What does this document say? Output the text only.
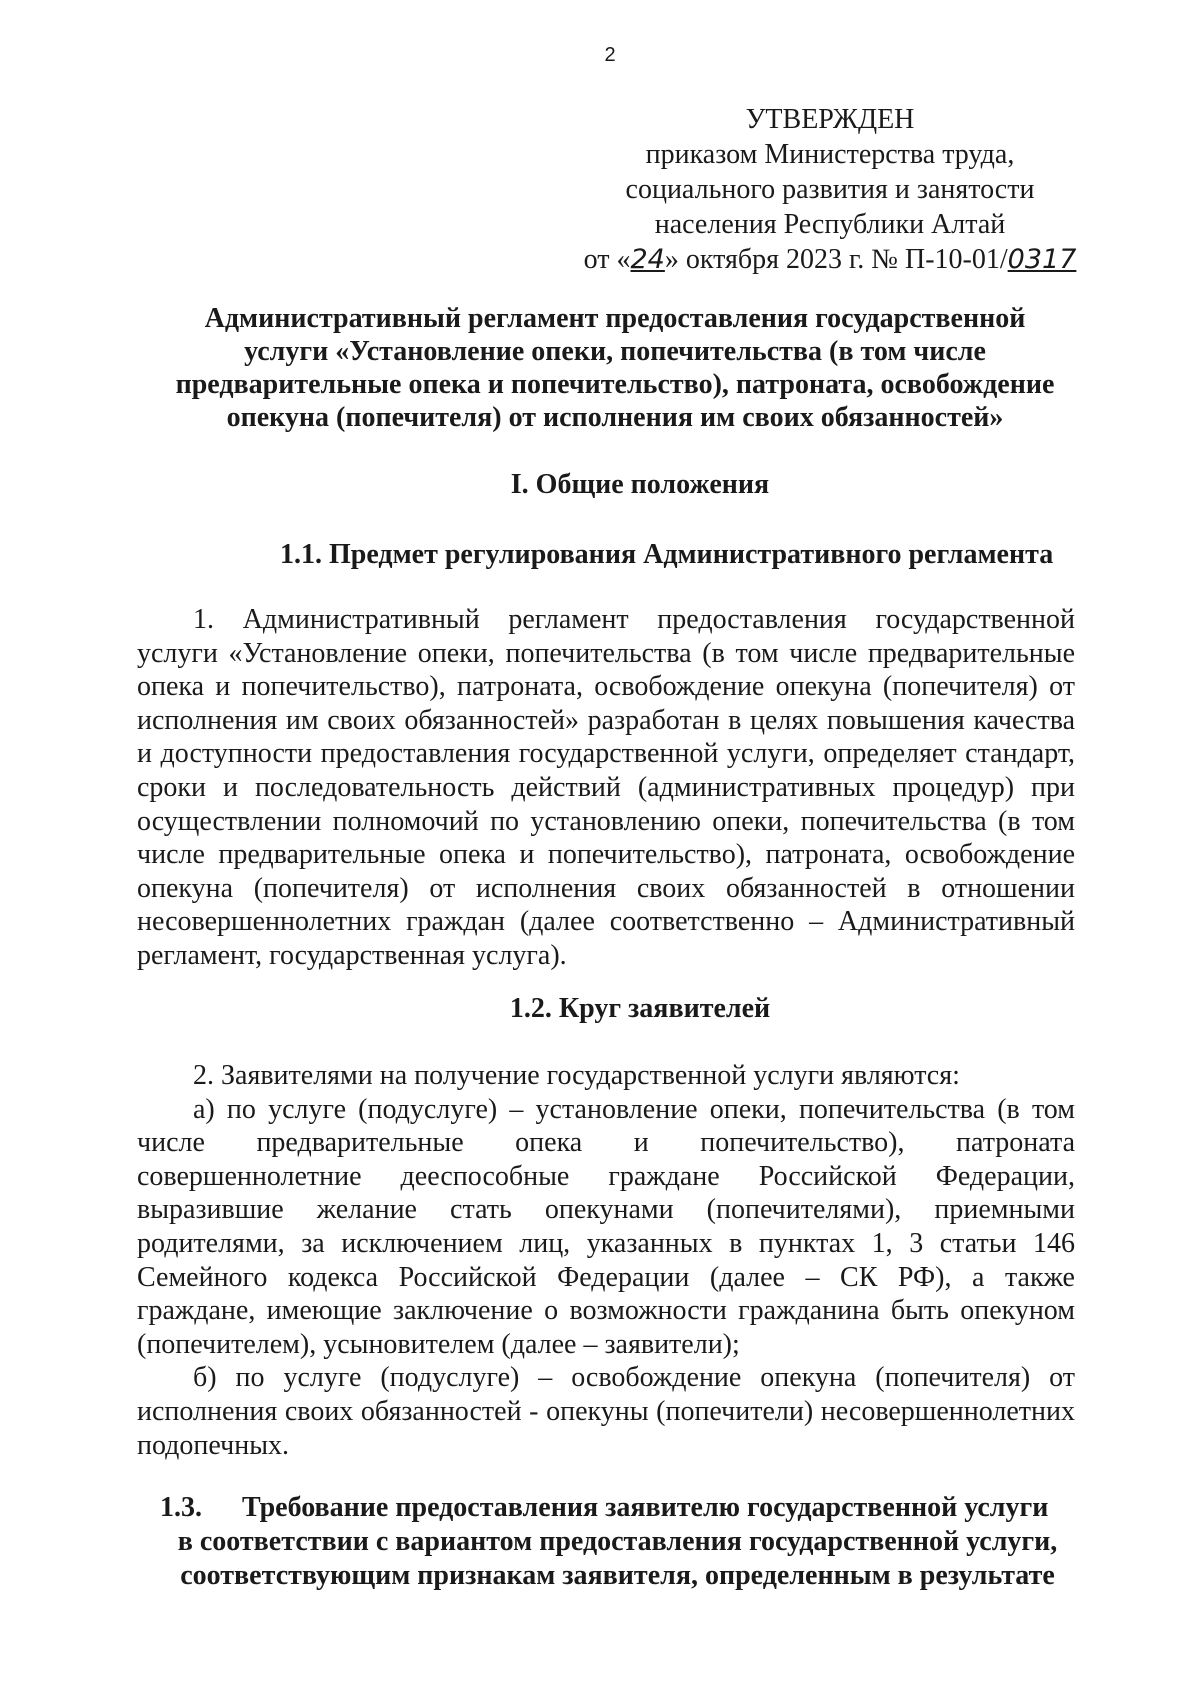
2
УТВЕРЖДЕН
приказом Министерства труда,
социального развития и занятости
населения Республики Алтай
от «24» октября 2023 г. № П-10-01/0317
Административный регламент предоставления государственной
услуги «Установление опеки, попечительства (в том числе
предварительные опека и попечительство), патроната, освобождение
опекуна (попечителя) от исполнения им своих обязанностей»
I. Общие положения
1.1. Предмет регулирования Административного регламента
1. Административный регламент предоставления государственной
услуги «Установление опеки, попечительства (в том числе предварительные
опека и попечительство), патроната, освобождение опекуна (попечителя) от
исполнения им своих обязанностей» разработан в целях повышения качества
и доступности предоставления государственной услуги, определяет стандарт,
сроки и последовательность действий (административных процедур) при
осуществлении полномочий по установлению опеки, попечительства (в том
числе предварительные опека и попечительство), патроната, освобождение
опекуна (попечителя) от исполнения своих обязанностей в отношении
несовершеннолетних граждан (далее соответственно – Административный
регламент, государственная услуга).
1.2. Круг заявителей
2. Заявителями на получение государственной услуги являются:
а) по услуге (подуслуге) – установление опеки, попечительства (в том
числе предварительные опека и попечительство), патроната
совершеннолетние дееспособные граждане Российской Федерации,
выразившие желание стать опекунами (попечителями), приемными
родителями, за исключением лиц, указанных в пунктах 1, 3 статьи 146
Семейного кодекса Российской Федерации (далее – СК РФ), а также
граждане, имеющие заключение о возможности гражданина быть опекуном
(попечителем), усыновителем (далее – заявители);
б) по услуге (подуслуге) – освобождение опекуна (попечителя) от
исполнения своих обязанностей - опекуны (попечители) несовершеннолетних
подопечных.
1.3. Требование предоставления заявителю государственной услуги
в соответствии с вариантом предоставления государственной услуги,
соответствующим признакам заявителя, определенным в результате
